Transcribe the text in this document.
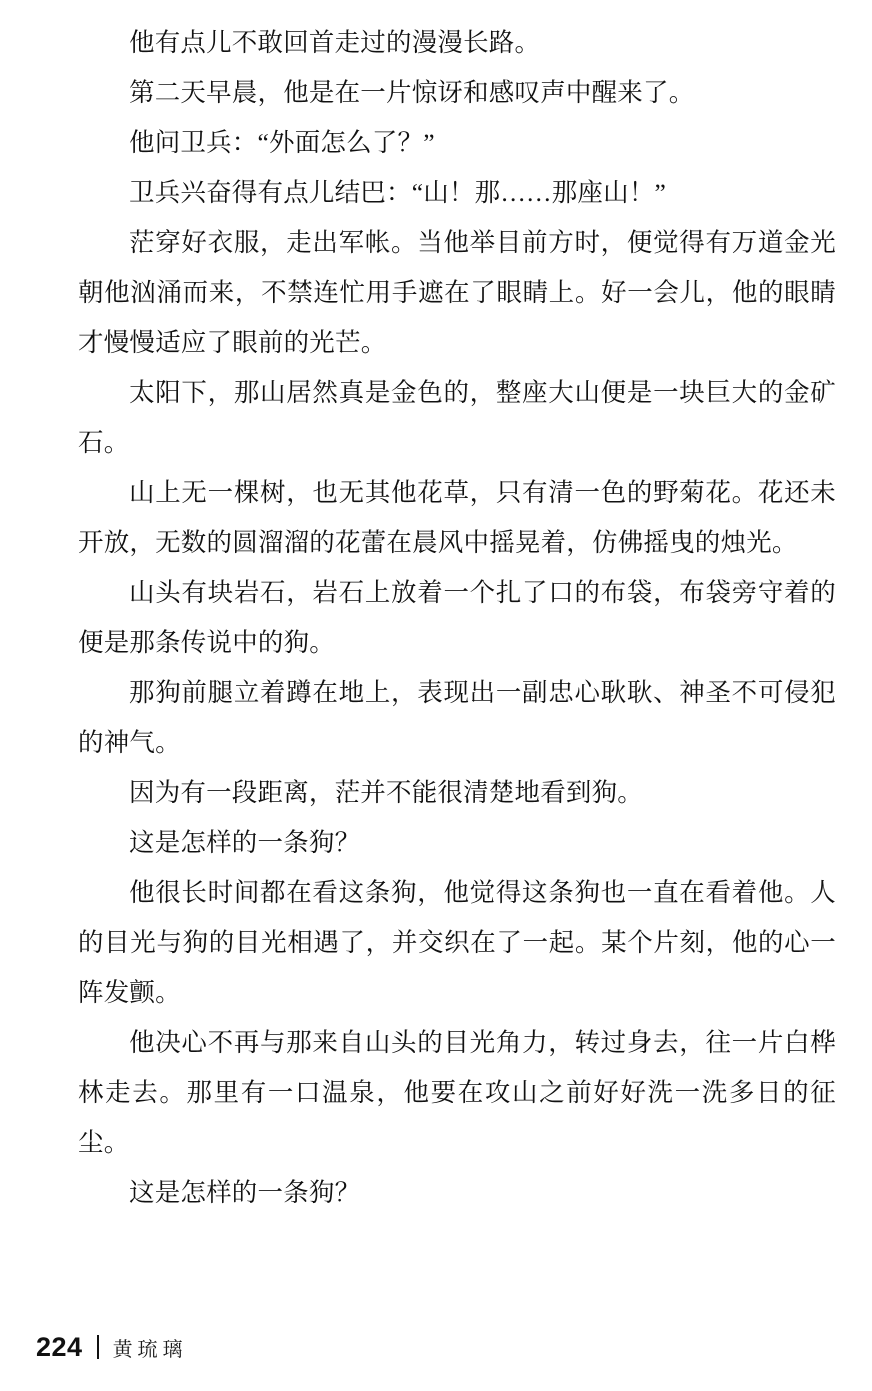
他有点儿不敢回首走过的漫漫长路。

第二天早晨，他是在一片惊讶和感叹声中醒来了。

他问卫兵：“外面怎么了？”

卫兵兴奋得有点儿结巴：“山！那……那座山！”

茫穿好衣服，走出军帐。当他举目前方时，便觉得有万道金光朝他汹涌而来，不禁连忙用手遮在了眼睛上。好一会儿，他的眼睛才慢慢适应了眼前的光芒。

太阳下，那山居然真是金色的，整座大山便是一块巨大的金矿石。

山上无一棵树，也无其他花草，只有清一色的野菊花。花还未开放，无数的圆溜溜的花蕾在晨风中摇晃着，仿佛摇曳的烛光。

山头有块岩石，岩石上放着一个扎了口的布袋，布袋旁守着的便是那条传说中的狗。

那狗前腿立着蹲在地上，表现出一副忠心耿耿、神圣不可侵犯的神气。

因为有一段距离，茫并不能很清楚地看到狗。

这是怎样的一条狗？

他很长时间都在看这条狗，他觉得这条狗也一直在看着他。人的目光与狗的目光相遇了，并交织在了一起。某个片刻，他的心一阵发颤。

他决心不再与那来自山头的目光角力，转过身去，往一片白桦林走去。那里有一口温泉，他要在攻山之前好好洗一洗多日的征尘。

这是怎样的一条狗？

224 黄琉璃
